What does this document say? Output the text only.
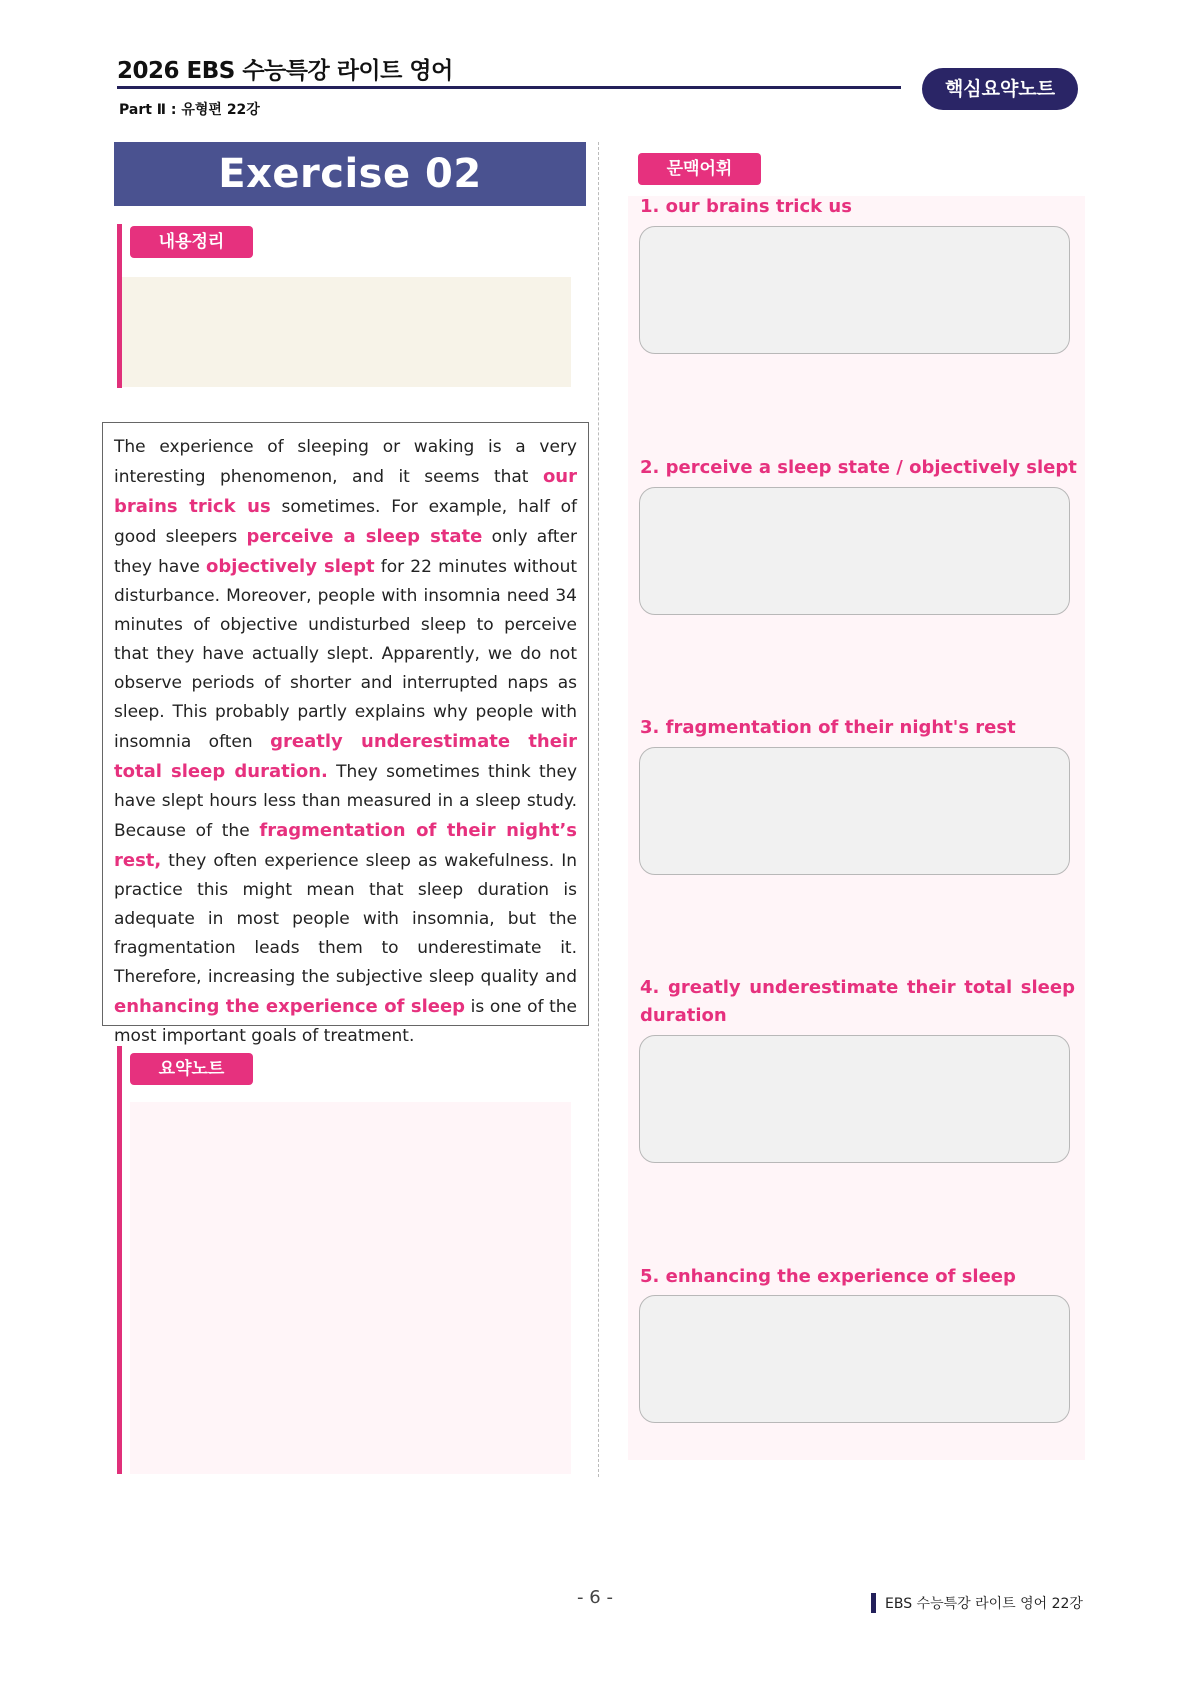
2026 EBS 수능특강 라이트 영어
Part Ⅱ : 유형편 22강
핵심요약노트
Exercise 02
내용정리

The experience of sleeping or waking is a very interesting phenomenon, and it seems that our brains trick us sometimes. For example, half of good sleepers perceive a sleep state only after they have objectively slept for 22 minutes without disturbance. Moreover, people with insomnia need 34 minutes of objective undisturbed sleep to perceive that they have actually slept. Apparently, we do not observe periods of shorter and interrupted naps as sleep. This probably partly explains why people with insomnia often greatly underestimate their total sleep duration. They sometimes think they have slept hours less than measured in a sleep study. Because of the fragmentation of their night’s rest, they often experience sleep as wakefulness. In practice this might mean that sleep duration is adequate in most people with insomnia, but the fragmentation leads them to underestimate it. Therefore, increasing the subjective sleep quality and enhancing the experience of sleep is one of the most important goals of treatment.

요약노트
문맥어휘
1. our brains trick us
2. perceive a sleep state / objectively slept
3. fragmentation of their night's rest
4. greatly underestimate their total sleep duration
5. enhancing the experience of sleep
- 6 -	EBS 수능특강 라이트 영어 22강
